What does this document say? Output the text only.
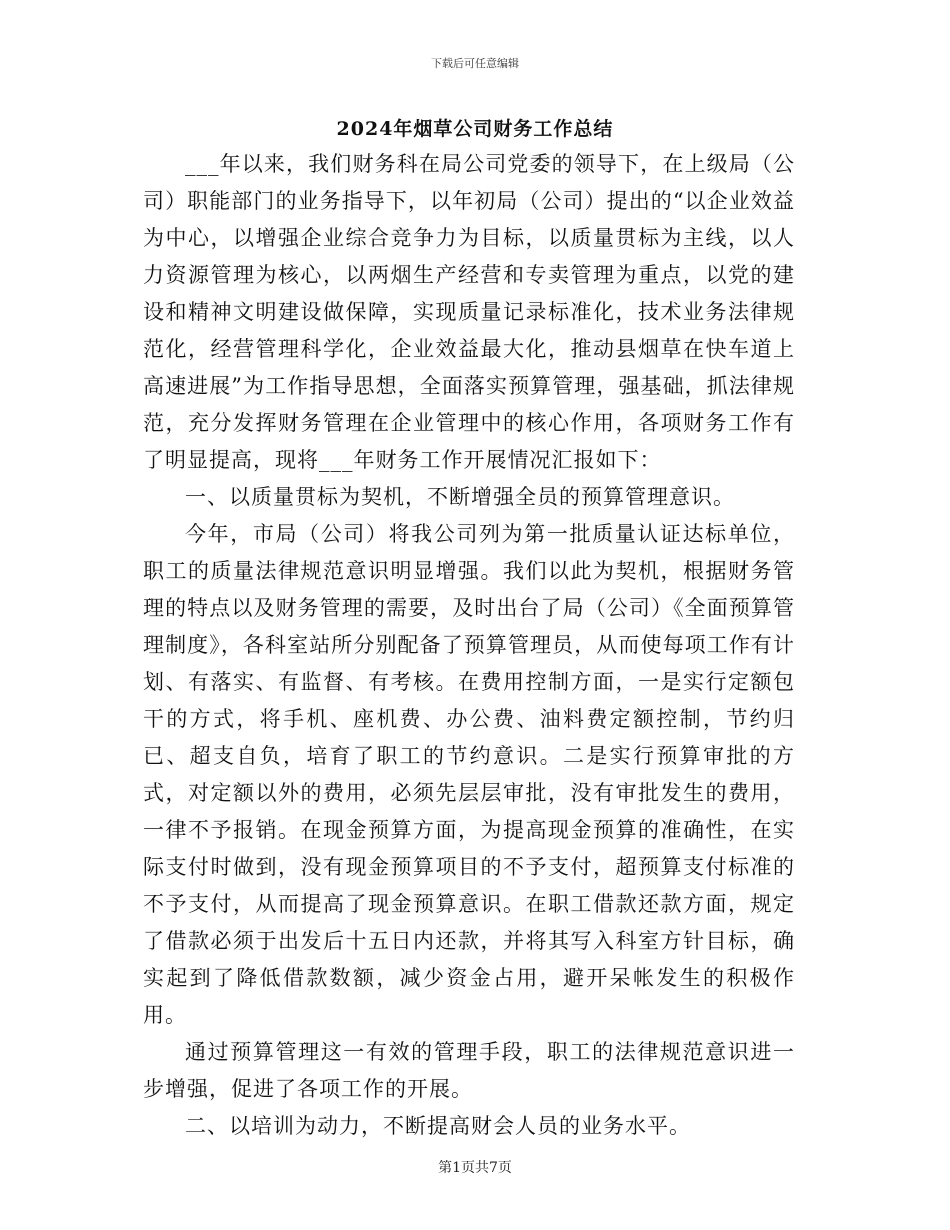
下载后可任意编辑
2024年烟草公司财务工作总结

___年以来，我们财务科在局公司党委的领导下，在上级局（公司）职能部门的业务指导下，以年初局（公司）提出的“以企业效益为中心，以增强企业综合竞争力为目标，以质量贯标为主线，以人力资源管理为核心，以两烟生产经营和专卖管理为重点，以党的建设和精神文明建设做保障，实现质量记录标准化，技术业务法律规范化，经营管理科学化，企业效益最大化，推动县烟草在快车道上高速进展”为工作指导思想，全面落实预算管理，强基础，抓法律规范，充分发挥财务管理在企业管理中的核心作用，各项财务工作有了明显提高，现将___年财务工作开展情况汇报如下：

一、以质量贯标为契机，不断增强全员的预算管理意识。

今年，市局（公司）将我公司列为第一批质量认证达标单位，职工的质量法律规范意识明显增强。我们以此为契机，根据财务管理的特点以及财务管理的需要，及时出台了局（公司）《全面预算管理制度》，各科室站所分别配备了预算管理员，从而使每项工作有计划、有落实、有监督、有考核。在费用控制方面，一是实行定额包干的方式，将手机、座机费、办公费、油料费定额控制，节约归已、超支自负，培育了职工的节约意识。二是实行预算审批的方式，对定额以外的费用，必须先层层审批，没有审批发生的费用，一律不予报销。在现金预算方面，为提高现金预算的准确性，在实际支付时做到，没有现金预算项目的不予支付，超预算支付标准的不予支付，从而提高了现金预算意识。在职工借款还款方面，规定了借款必须于出发后十五日内还款，并将其写入科室方针目标，确实起到了降低借款数额，减少资金占用，避开呆帐发生的积极作用。

通过预算管理这一有效的管理手段，职工的法律规范意识进一步增强，促进了各项工作的开展。

二、以培训为动力，不断提高财会人员的业务水平。

第1页共7页
